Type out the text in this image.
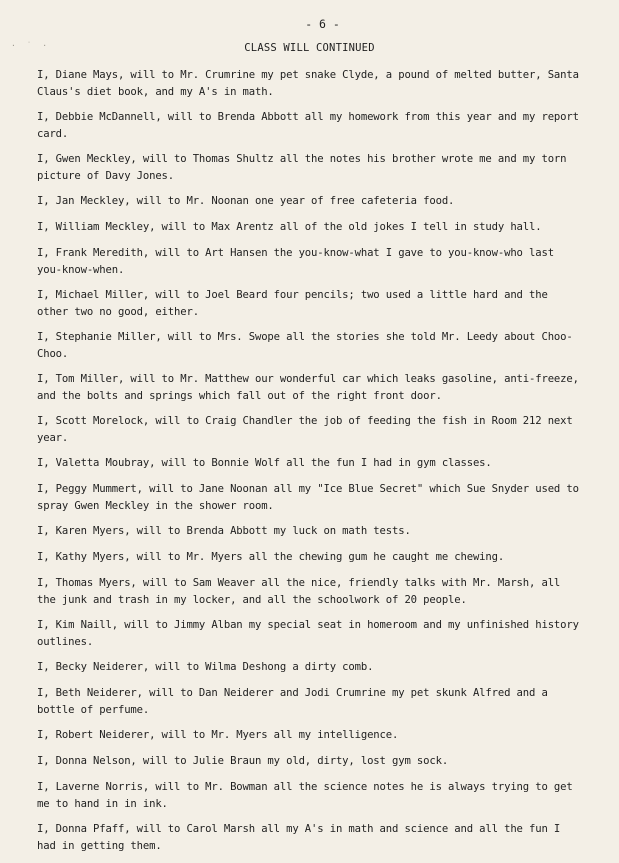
· ˙ ·
- 6 -
CLASS WILL CONTINUED
I, Diane Mays, will to Mr. Crumrine my pet snake Clyde, a pound of melted butter, Santa Claus's diet book, and my A's in math.
I, Debbie McDannell, will to Brenda Abbott all my homework from this year and my report card.
I, Gwen Meckley, will to Thomas Shultz all the notes his brother wrote me and my torn picture of Davy Jones.
I, Jan Meckley, will to Mr. Noonan one year of free cafeteria food.
I, William Meckley, will to Max Arentz all of the old jokes I tell in study hall.
I, Frank Meredith, will to Art Hansen the you-know-what I gave to you-know-who last you-know-when.
I, Michael Miller, will to Joel Beard four pencils; two used a little hard and the other two no good, either.
I, Stephanie Miller, will to Mrs. Swope all the stories she told Mr. Leedy about Choo-Choo.
I, Tom Miller, will to Mr. Matthew our wonderful car which leaks gasoline, anti-freeze, and the bolts and springs which fall out of the right front door.
I, Scott Morelock, will to Craig Chandler the job of feeding the fish in Room 212 next year.
I, Valetta Moubray, will to Bonnie Wolf all the fun I had in gym classes.
I, Peggy Mummert, will to Jane Noonan all my "Ice Blue Secret" which Sue Snyder used to spray Gwen Meckley in the shower room.
I, Karen Myers, will to Brenda Abbott my luck on math tests.
I, Kathy Myers, will to Mr. Myers all the chewing gum he caught me chewing.
I, Thomas Myers, will to Sam Weaver all the nice, friendly talks with Mr. Marsh, all the junk and trash in my locker, and all the schoolwork of 20 people.
I, Kim Naill, will to Jimmy Alban my special seat in homeroom and my unfinished history outlines.
I, Becky Neiderer, will to Wilma Deshong a dirty comb.
I, Beth Neiderer, will to Dan Neiderer and Jodi Crumrine my pet skunk Alfred and a bottle of perfume.
I, Robert Neiderer, will to Mr. Myers all my intelligence.
I, Donna Nelson, will to Julie Braun my old, dirty, lost gym sock.
I, Laverne Norris, will to Mr. Bowman all the science notes he is always trying to get me to hand in in ink.
I, Donna Pfaff, will to Carol Marsh all my A's in math and science and all the fun I had in getting them.
